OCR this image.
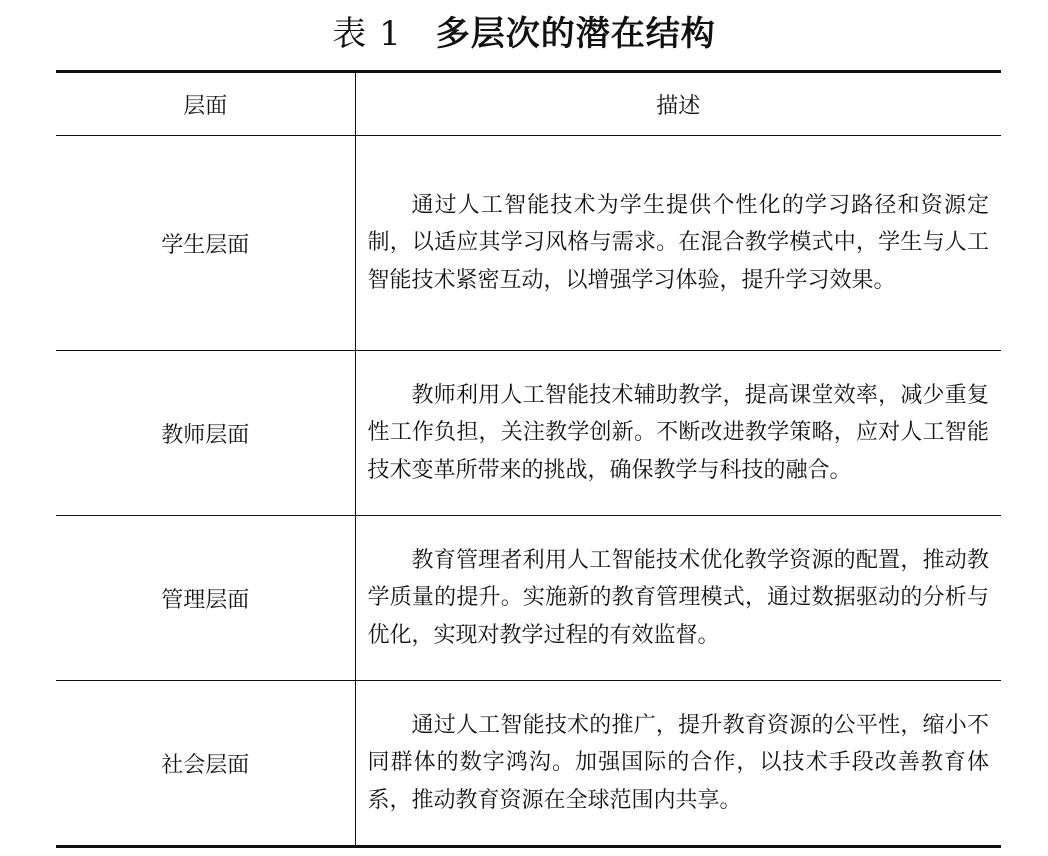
表 1 多层次的潜在结构
层面	描述
学生层面	通过人工智能技术为学生提供个性化的学习路径和资源定制，以适应其学习风格与需求。在混合教学模式中，学生与人工智能技术紧密互动，以增强学习体验，提升学习效果。
教师层面	教师利用人工智能技术辅助教学，提高课堂效率，减少重复性工作负担，关注教学创新。不断改进教学策略，应对人工智能技术变革所带来的挑战，确保教学与科技的融合。
管理层面	教育管理者利用人工智能技术优化教学资源的配置，推动教学质量的提升。实施新的教育管理模式，通过数据驱动的分析与优化，实现对教学过程的有效监督。
社会层面	通过人工智能技术的推广，提升教育资源的公平性，缩小不同群体的数字鸿沟。加强国际的合作，以技术手段改善教育体系，推动教育资源在全球范围内共享。
